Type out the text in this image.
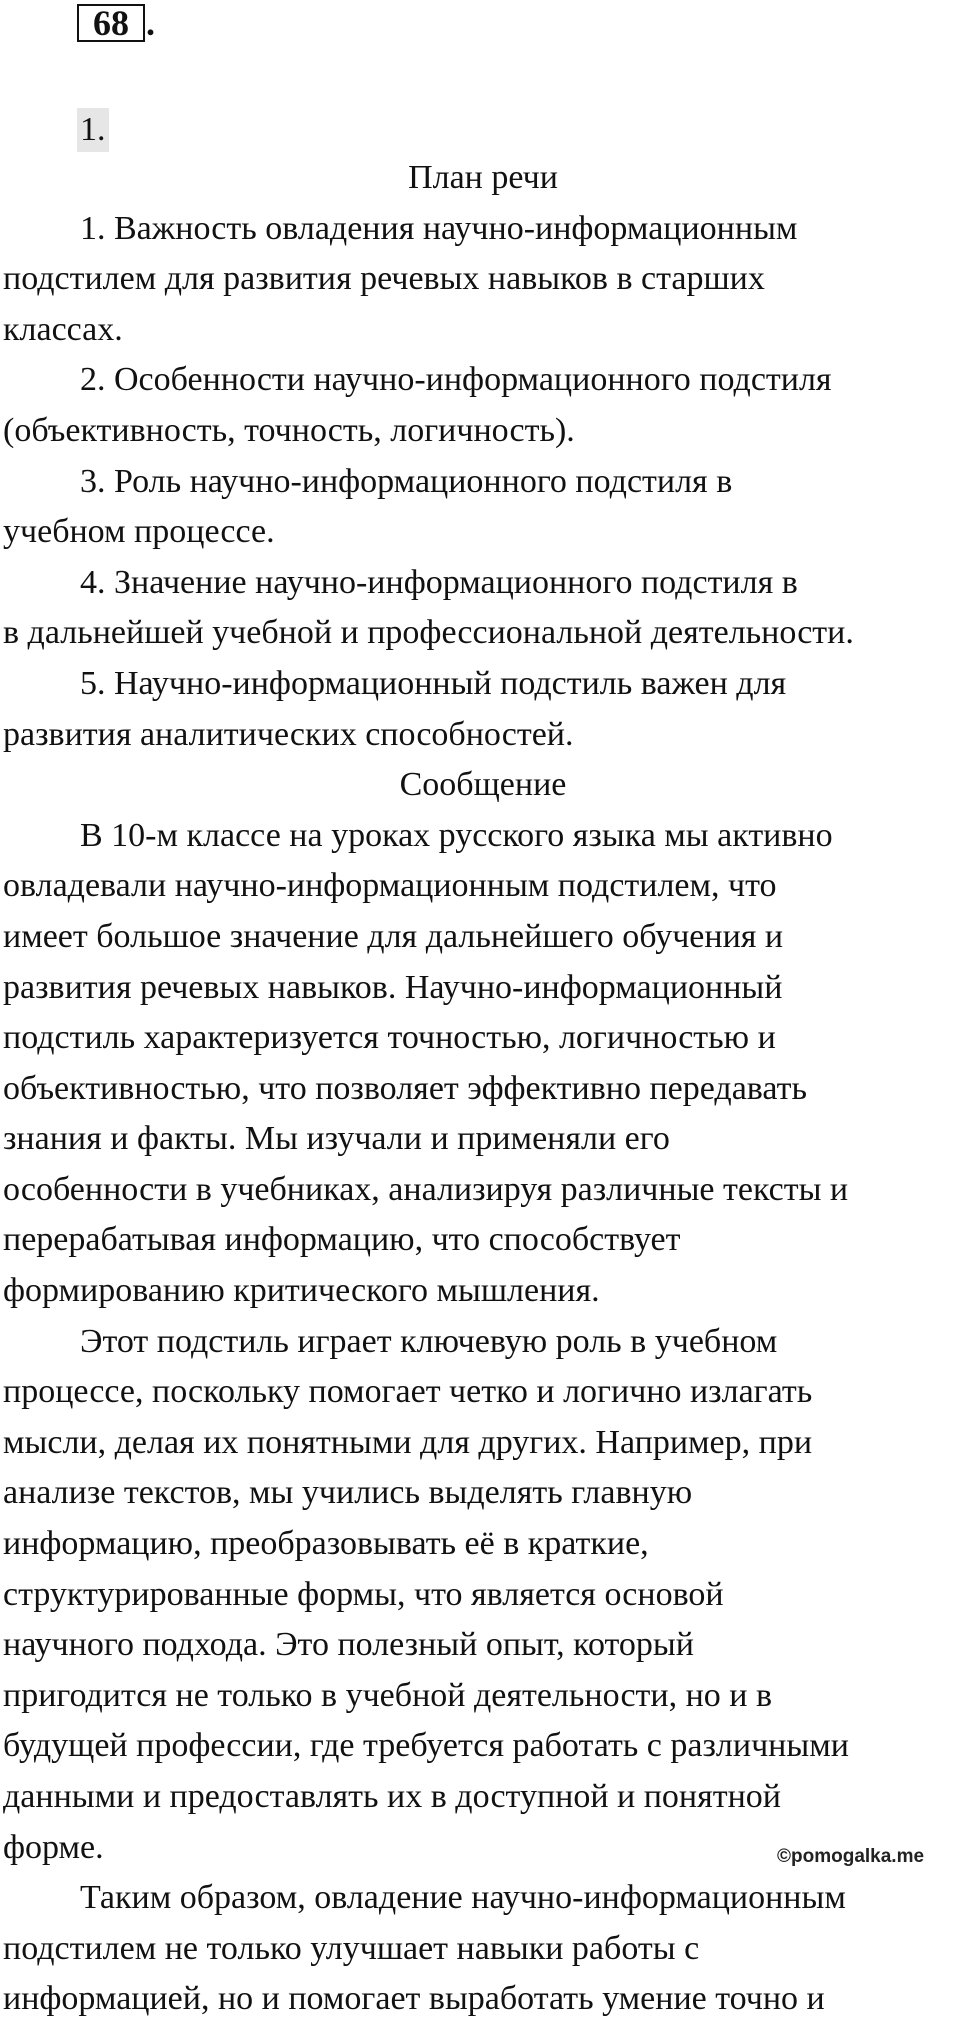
68 .
1.

План речи

1. Важность овладения научно-информационным

подстилем для развития речевых навыков в старших

классах.

2. Особенности научно-информационного подстиля

(объективность, точность, логичность).

3. Роль научно-информационного подстиля в

учебном процессе.

4. Значение научно-информационного подстиля в

в дальнейшей учебной и профессиональной деятельности.

5. Научно-информационный подстиль важен для

развития аналитических способностей.

Сообщение

В 10-м классе на уроках русского языка мы активно

овладевали научно-информационным подстилем, что

имеет большое значение для дальнейшего обучения и

развития речевых навыков. Научно-информационный

подстиль характеризуется точностью, логичностью и

объективностью, что позволяет эффективно передавать

знания и факты. Мы изучали и применяли его

особенности в учебниках, анализируя различные тексты и

перерабатывая информацию, что способствует

формированию критического мышления.

Этот подстиль играет ключевую роль в учебном

процессе, поскольку помогает четко и логично излагать

мысли, делая их понятными для других. Например, при

анализе текстов, мы учились выделять главную

информацию, преобразовывать её в краткие,

структурированные формы, что является основой

научного подхода. Это полезный опыт, который

пригодится не только в учебной деятельности, но и в

будущей профессии, где требуется работать с различными

данными и предоставлять их в доступной и понятной

форме.

Таким образом, овладение научно-информационным

подстилем не только улучшает навыки работы с

информацией, но и помогает выработать умение точно и

©pomogalka.me
